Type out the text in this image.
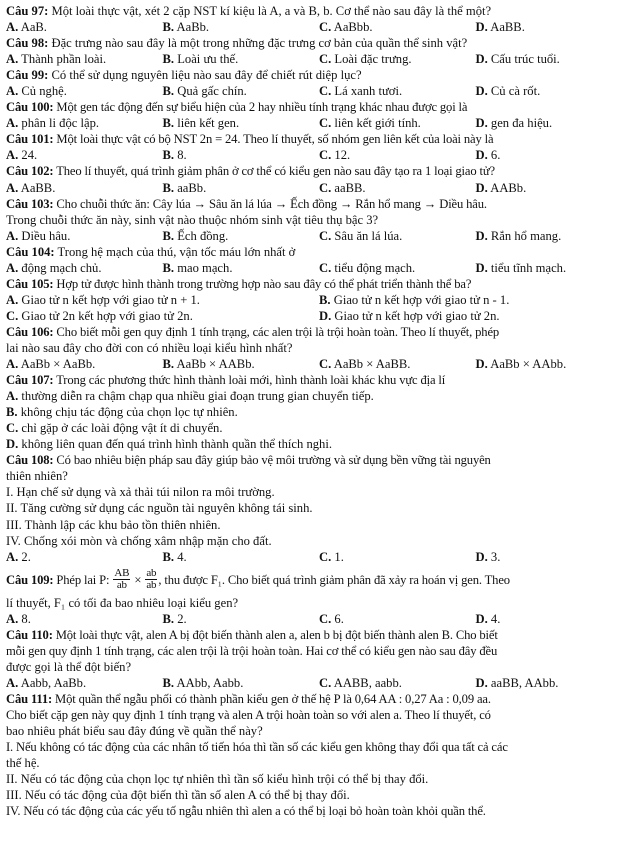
Câu 97: Một loài thực vật, xét 2 cặp NST kí kiệu là A, a và B, b. Cơ thể nào sau đây là thể một?

A. AaB.	B. AaBb.	C. AaBbb.	D. AaBB.

Câu 98: Đặc trưng nào sau đây là một trong những đặc trưng cơ bản của quần thể sinh vật?

A. Thành phần loài.	B. Loài ưu thế.	C. Loài đặc trưng.	D. Cấu trúc tuổi.

Câu 99: Có thể sử dụng nguyên liệu nào sau đây để chiết rút diệp lục?

A. Củ nghệ.	B. Quả gấc chín.	C. Lá xanh tươi.	D. Củ cà rốt.

Câu 100: Một gen tác động đến sự biểu hiện của 2 hay nhiều tính trạng khác nhau được gọi là

A. phân li độc lập.	B. liên kết gen.	C. liên kết giới tính.	D. gen đa hiệu.

Câu 101: Một loài thực vật có bộ NST 2n = 24. Theo lí thuyết, số nhóm gen liên kết của loài này là

A. 24.	B. 8.	C. 12.	D. 6.

Câu 102: Theo lí thuyết, quá trình giảm phân ở cơ thể có kiểu gen nào sau đây tạo ra 1 loại giao tử?

A. AaBB.	B. aaBb.	C. aaBB.	D. AABb.

Câu 103: Cho chuỗi thức ăn: Cây lúa → Sâu ăn lá lúa → Ếch đồng → Rắn hổ mang → Diều hâu.

Trong chuỗi thức ăn này, sinh vật nào thuộc nhóm sinh vật tiêu thụ bậc 3?

A. Diều hâu.	B. Ếch đồng.	C. Sâu ăn lá lúa.	D. Rắn hổ mang.

Câu 104: Trong hệ mạch của thú, vận tốc máu lớn nhất ở

A. động mạch chủ.	B. mao mạch.	C. tiểu động mạch.	D. tiểu tĩnh mạch.

Câu 105: Hợp tử được hình thành trong trường hợp nào sau đây có thể phát triển thành thể ba?

A. Giao tử n kết hợp với giao tử n + 1.	B. Giao tử n kết hợp với giao tử n - 1.
C. Giao tử 2n kết hợp với giao tử 2n.	D. Giao tử n kết hợp với giao tử 2n.

Câu 106: Cho biết mỗi gen quy định 1 tính trạng, các alen trội là trội hoàn toàn. Theo lí thuyết, phép

lai nào sau đây cho đời con có nhiều loại kiểu hình nhất?

A. AaBb × AaBb.	B. AaBb × AABb.	C. AaBb × AaBB.	D. AaBb × AAbb.

Câu 107: Trong các phương thức hình thành loài mới, hình thành loài khác khu vực địa lí

A. thường diễn ra chậm chạp qua nhiều giai đoạn trung gian chuyển tiếp.
B. không chịu tác động của chọn lọc tự nhiên.
C. chỉ gặp ở các loài động vật ít di chuyển.
D. không liên quan đến quá trình hình thành quần thể thích nghi.

Câu 108: Có bao nhiêu biện pháp sau đây giúp bảo vệ môi trường và sử dụng bền vững tài nguyên

thiên nhiên?

I. Hạn chế sử dụng và xả thải túi nilon ra môi trường.

II. Tăng cường sử dụng các nguồn tài nguyên không tái sinh.

III. Thành lập các khu bảo tồn thiên nhiên.

IV. Chống xói mòn và chống xâm nhập mặn cho đất.

A. 2.	B. 4.	C. 1.	D. 3.

Câu 109: Phép lai P: $\frac{AB}{ab} \times \frac{ab}{ab}$ , thu được F₁. Cho biết quá trình giảm phân đã xảy ra hoán vị gen. Theo

lí thuyết, F₁ có tối đa bao nhiêu loại kiểu gen?

A. 8.	B. 2.	C. 6.	D. 4.

Câu 110: Một loài thực vật, alen A bị đột biến thành alen a, alen b bị đột biến thành alen B. Cho biết

mỗi gen quy định 1 tính trạng, các alen trội là trội hoàn toàn. Hai cơ thể có kiểu gen nào sau đây đều

được gọi là thể đột biến?

A. Aabb, AaBb.	B. AAbb, Aabb.	C. AABB, aabb.	D. aaBB, AAbb.

Câu 111: Một quần thể ngẫu phối có thành phần kiểu gen ở thế hệ P là 0,64 AA : 0,27 Aa : 0,09 aa.

Cho biết cặp gen này quy định 1 tính trạng và alen A trội hoàn toàn so với alen a. Theo lí thuyết, có

bao nhiêu phát biểu sau đây đúng về quần thể này?

I. Nếu không có tác động của các nhân tố tiến hóa thì tần số các kiểu gen không thay đổi qua tất cả các

thế hệ.

II. Nếu có tác động của chọn lọc tự nhiên thì tần số kiểu hình trội có thể bị thay đổi.

III. Nếu có tác động của đột biến thì tần số alen A có thể bị thay đổi.

IV. Nếu có tác động của các yếu tố ngẫu nhiên thì alen a có thể bị loại bỏ hoàn toàn khỏi quần thể.
